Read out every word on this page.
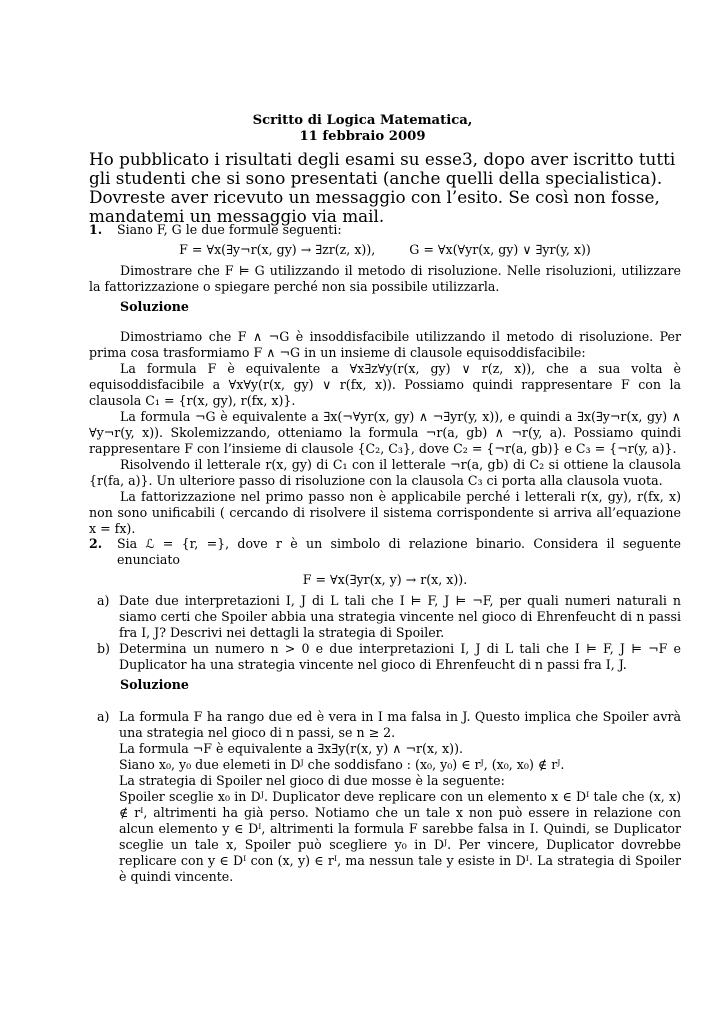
Scritto di Logica Matematica,
11 febbraio 2009
Ho pubblicato i risultati degli esami su esse3, dopo aver iscritto tutti gli studenti che si sono presentati (anche quelli della specialistica). Dovreste aver ricevuto un messaggio con l’esito. Se così non fosse, mandatemi un messaggio via mail.
1. Siano F, G le due formule seguenti:

F = ∀x(∃y¬r(x, gy) → ∃zr(z, x)),	G = ∀x(∀yr(x, gy) ∨ ∃yr(y, x))

Dimostrare che F ⊨ G utilizzando il metodo di risoluzione. Nelle risoluzioni, utilizzare la fattorizzazione o spiegare perché non sia possibile utilizzarla.

Soluzione

Dimostriamo che F ∧ ¬G è insoddisfacibile utilizzando il metodo di risoluzione. Per prima cosa trasformiamo F ∧ ¬G in un insieme di clausole equisoddisfacibile:

La formula F è equivalente a ∀x∃z∀y(r(x, gy) ∨ r(z, x)), che a sua volta è equisoddisfacibile a ∀x∀y(r(x, gy) ∨ r(fx, x)). Possiamo quindi rappresentare F con la clausola C₁ = {r(x, gy), r(fx, x)}.

La formula ¬G è equivalente a ∃x(¬∀yr(x, gy) ∧ ¬∃yr(y, x)), e quindi a ∃x(∃y¬r(x, gy) ∧ ∀y¬r(y, x)). Skolemizzando, otteniamo la formula ¬r(a, gb) ∧ ¬r(y, a). Possiamo quindi rappresentare F con l’insieme di clausole {C₂, C₃}, dove C₂ = {¬r(a, gb)} e C₃ = {¬r(y, a)}.

Risolvendo il letterale r(x, gy) di C₁ con il letterale ¬r(a, gb) di C₂ si ottiene la clausola {r(fa, a)}. Un ulteriore passo di risoluzione con la clausola C₃ ci porta alla clausola vuota.

La fattorizzazione nel primo passo non è applicabile perché i letterali r(x, gy), r(fx, x) non sono unificabili ( cercando di risolvere il sistema corrispondente si arriva all’equazione x = fx).

2. Sia ℒ = {r, =}, dove r è un simbolo di relazione binario. Considera il seguente enunciato

F = ∀x(∃yr(x, y) → r(x, x)).
a) Date due interpretazioni I, J di L tali che I ⊨ F, J ⊨ ¬F, per quali numeri naturali n siamo certi che Spoiler abbia una strategia vincente nel gioco di Ehrenfeucht di n passi fra I, J? Descrivi nei dettagli la strategia di Spoiler.

b) Determina un numero n > 0 e due interpretazioni I, J di L tali che I ⊨ F, J ⊨ ¬F e Duplicator ha una strategia vincente nel gioco di Ehrenfeucht di n passi fra I, J.

Soluzione
a) La formula F ha rango due ed è vera in I ma falsa in J. Questo implica che Spoiler avrà una strategia nel gioco di n passi, se n ≥ 2.

La formula ¬F è equivalente a ∃x∃y(r(x, y) ∧ ¬r(x, x)).

Siano x₀, y₀ due elemeti in Dᴶ che soddisfano : (x₀, y₀) ∈ rᴶ, (x₀, x₀) ∉ rᴶ.

La strategia di Spoiler nel gioco di due mosse è la seguente:

Spoiler sceglie x₀ in Dᴶ. Duplicator deve replicare con un elemento x ∈ Dᴵ tale che (x, x) ∉ rᴵ, altrimenti ha già perso. Notiamo che un tale x non può essere in relazione con alcun elemento y ∈ Dᴵ, altrimenti la formula F sarebbe falsa in I. Quindi, se Duplicator sceglie un tale x, Spoiler può scegliere y₀ in Dᴶ. Per vincere, Duplicator dovrebbe replicare con y ∈ Dᴵ con (x, y) ∈ rᴵ, ma nessun tale y esiste in Dᴵ. La strategia di Spoiler è quindi vincente.
